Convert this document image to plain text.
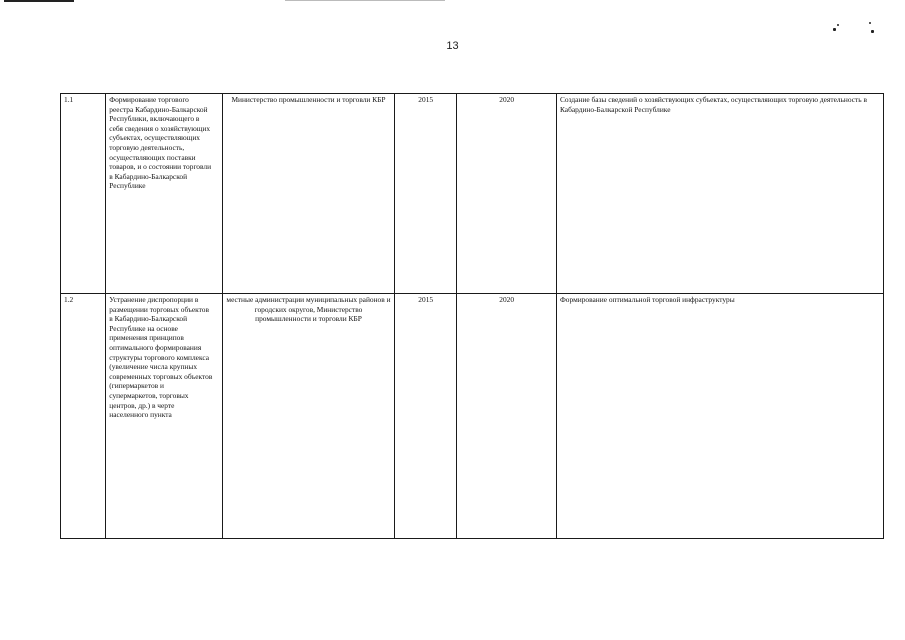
13
1.1	Формирование торгового реестра Кабардино-Балкарской Республики, включающего в себя сведения о хозяйствующих субъектах, осуществляющих торговую деятельность, осуществляющих поставки товаров, и о состоянии торговли в Кабардино-Балкарской Республике	Министерство промышленности и торговли КБР	2015	2020	Создание базы сведений о хозяйствующих субъектах, осуществляющих торговую деятельность в Кабардино-Балкарской Республике
1.2	Устранение диспропорции в размещении торговых объектов в Кабардино-Балкарской Республике на основе применения принципов оптимального формирования структуры торгового комплекса (увеличение числа крупных современных торговых объектов (гипермаркетов и супермаркетов, торговых центров, др.) в черте населенного пункта	местные администрации муниципальных районов и городских округов, Министерство промышленности и торговли КБР	2015	2020	Формирование оптимальной торговой инфраструктуры
